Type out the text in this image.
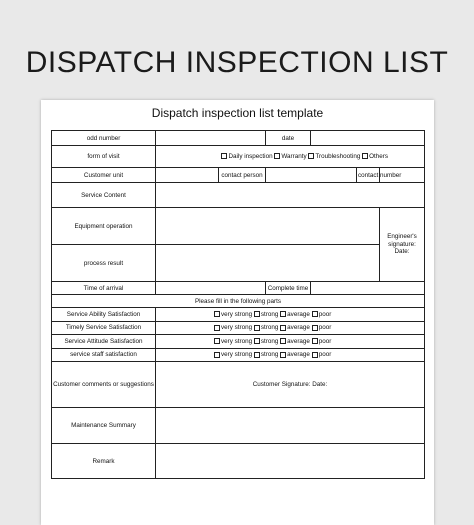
DISPATCH INSPECTION LIST
Dispatch inspection list template
odd number			date			
form of visit	Daily inspection Warranty Troubleshooting Others					
Customer unit		contact person			contact number	
Service Content						
Equipment operation						Engineer's signature: Date:
process result						
Time of arrival			Complete time			
Please fill in the following parts						
Service Ability Satisfaction	very strong strong average poor					
Timely Service Satisfaction	very strong strong average poor					
Service Attitude Satisfaction	very strong strong average poor					
service staff satisfaction	very strong strong average poor					
Customer comments or suggestions	Customer Signature: Date:					
Maintenance Summary						
Remark						
